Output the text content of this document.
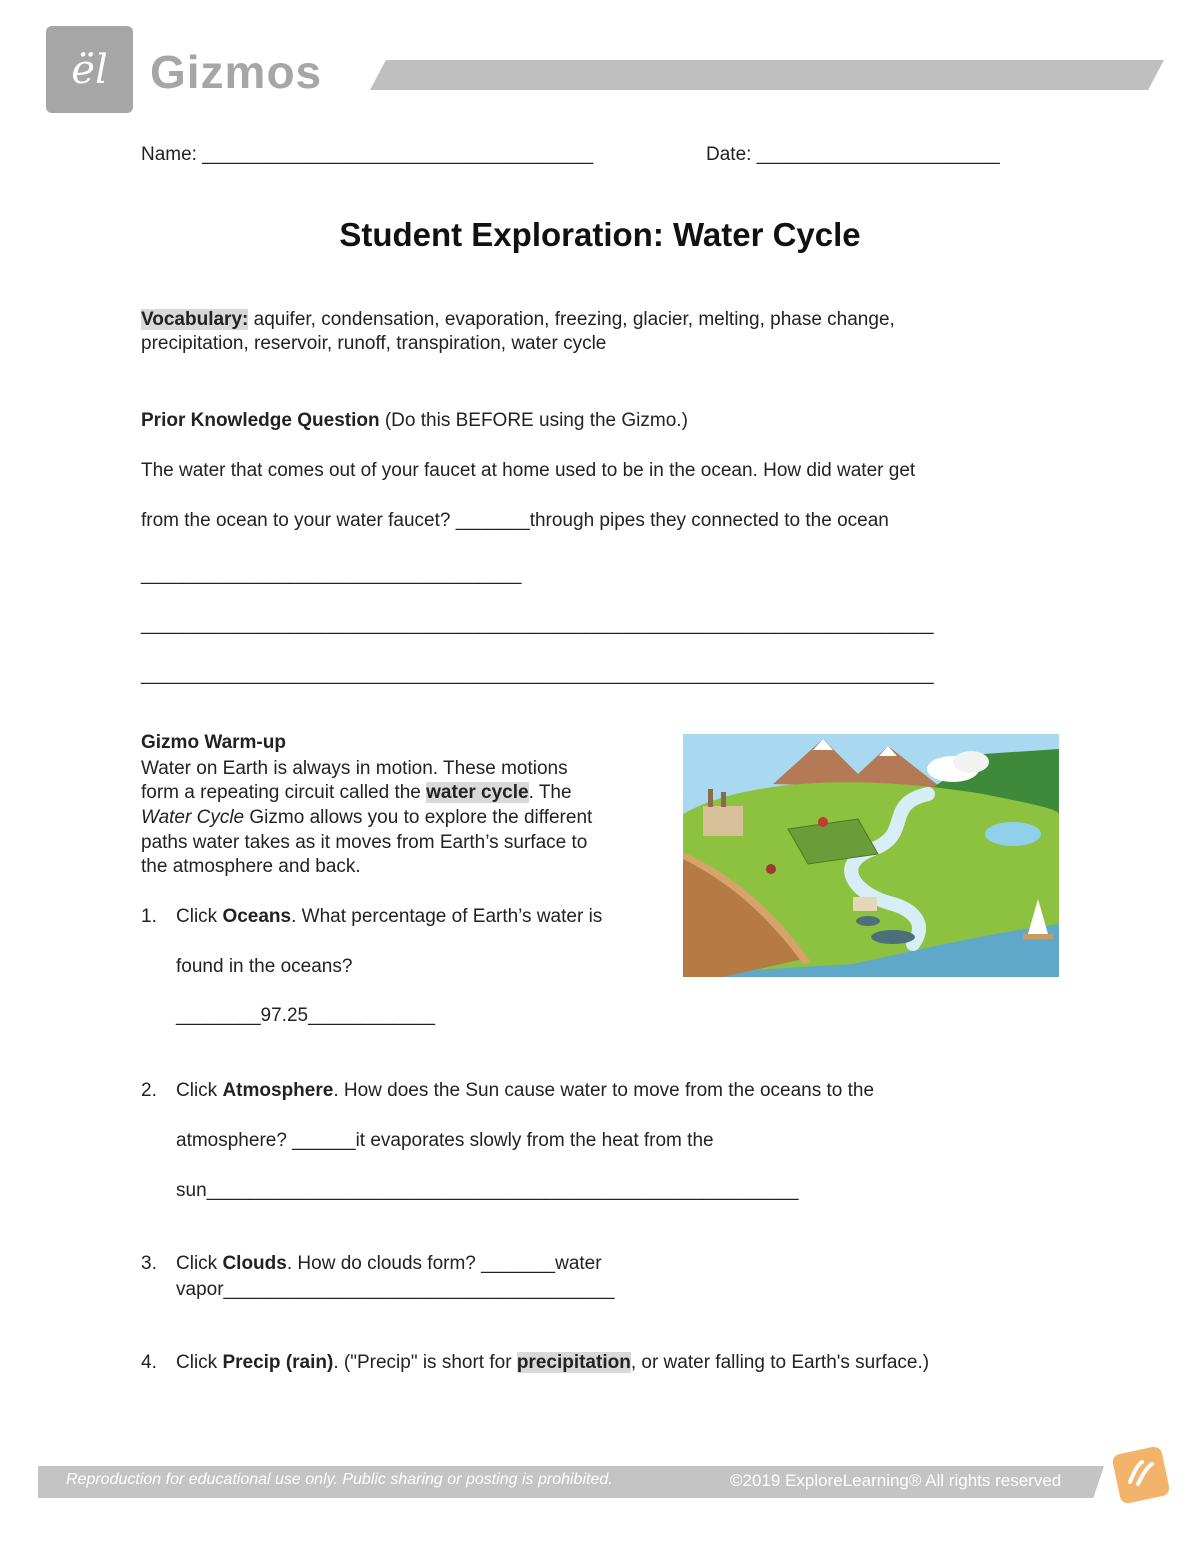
ël Gizmos
Name: _____________________________________	Date: _______________________
Student Exploration: Water Cycle
Vocabulary: aquifer, condensation, evaporation, freezing, glacier, melting, phase change,
precipitation, reservoir, runoff, transpiration, water cycle
Prior Knowledge Question (Do this BEFORE using the Gizmo.)
The water that comes out of your faucet at home used to be in the ocean. How did water get
from the ocean to your water faucet? _______through pipes they connected to the ocean
____________________________________
___________________________________________________________________________
___________________________________________________________________________
Gizmo Warm-up
Water on Earth is always in motion. These motions
form a repeating circuit called the water cycle. The
Water Cycle Gizmo allows you to explore the different
paths water takes as it moves from Earth’s surface to
the atmosphere and back.
1. Click Oceans. What percentage of Earth’s water is
found in the oceans?
________97.25____________
2. Click Atmosphere. How does the Sun cause water to move from the oceans to the
atmosphere? ______it evaporates slowly from the heat from the
sun________________________________________________________
3. Click Clouds. How do clouds form? _______water
vapor_____________________________________
4. Click Precip (rain). ("Precip" is short for precipitation, or water falling to Earth's surface.)
Reproduction for educational use only. Public sharing or posting is prohibited.	©2019 ExploreLearning® All rights reserved
